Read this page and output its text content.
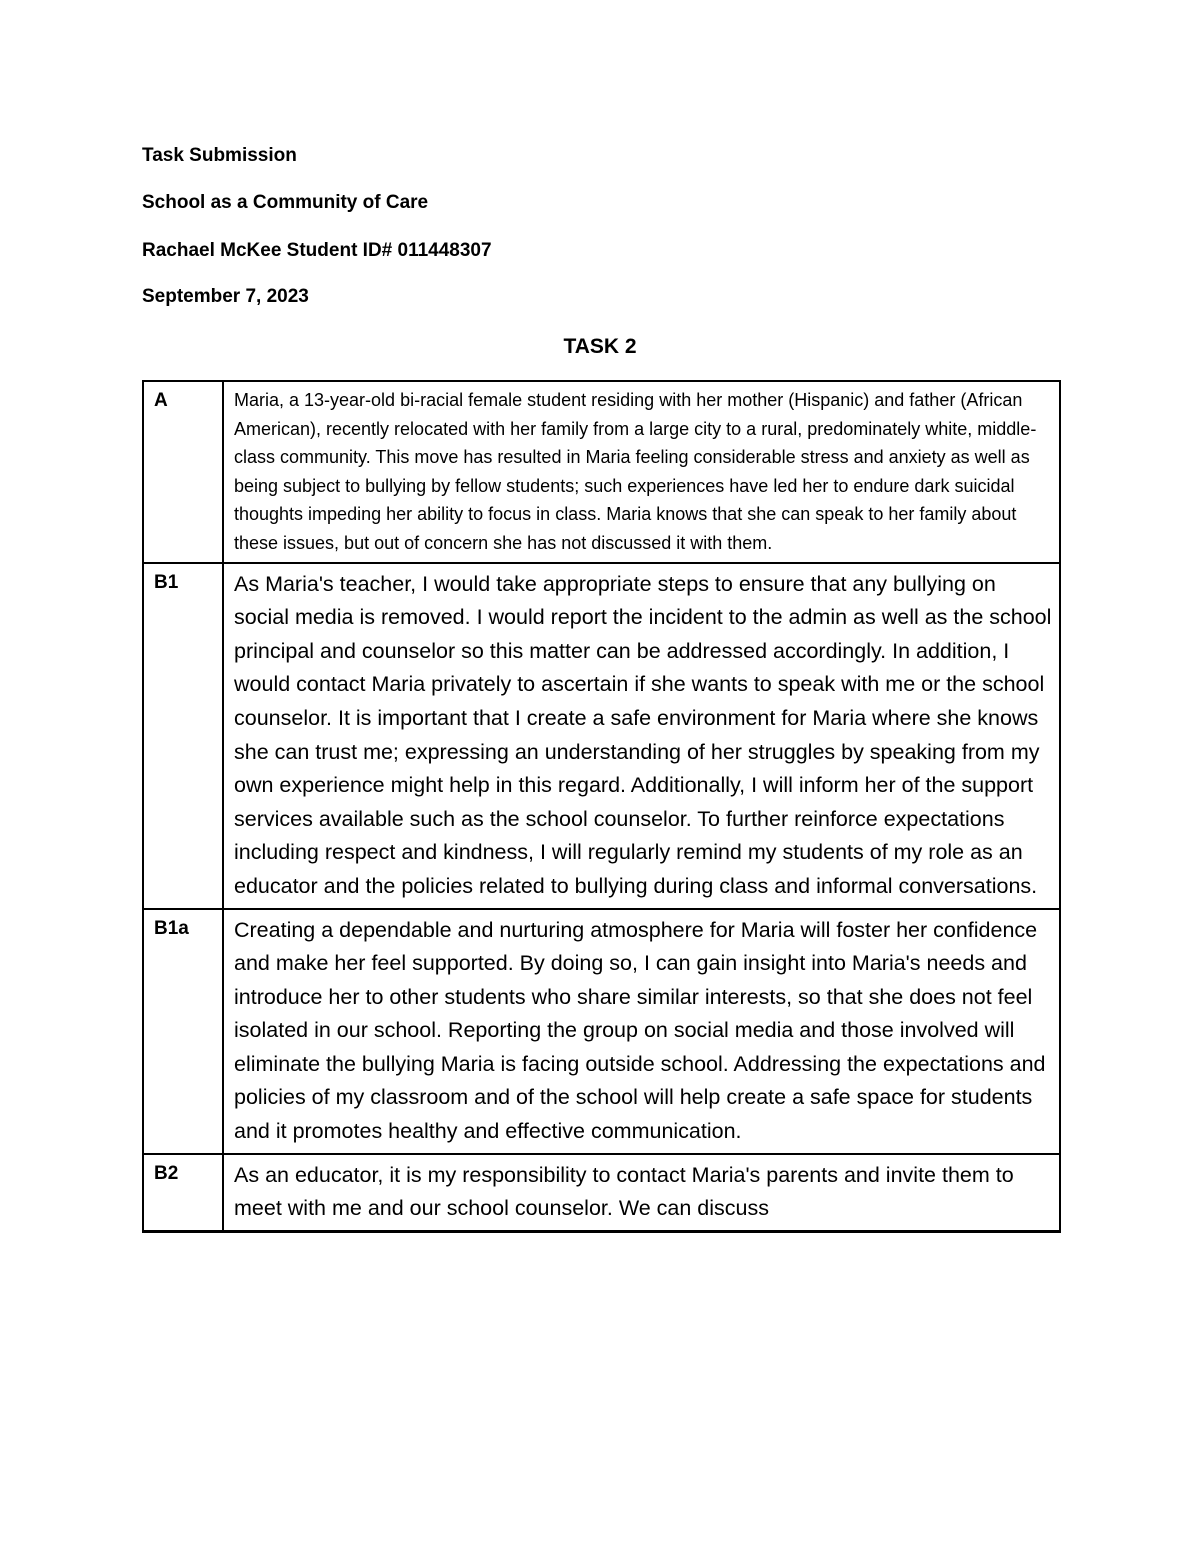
Task Submission
School as a Community of Care
Rachael McKee Student ID# 011448307
September 7, 2023
TASK 2
A	Maria, a 13-year-old bi-racial female student residing with her mother (Hispanic) and father (African American), recently relocated with her family from a large city to a rural, predominately white, middle-class community. This move has resulted in Maria feeling considerable stress and anxiety as well as being subject to bullying by fellow students; such experiences have led her to endure dark suicidal thoughts impeding her ability to focus in class. Maria knows that she can speak to her family about these issues, but out of concern she has not discussed it with them.
B1	As Maria's teacher, I would take appropriate steps to ensure that any bullying on social media is removed. I would report the incident to the admin as well as the school principal and counselor so this matter can be addressed accordingly. In addition, I would contact Maria privately to ascertain if she wants to speak with me or the school counselor. It is important that I create a safe environment for Maria where she knows she can trust me; expressing an understanding of her struggles by speaking from my own experience might help in this regard. Additionally, I will inform her of the support services available such as the school counselor. To further reinforce expectations including respect and kindness, I will regularly remind my students of my role as an educator and the policies related to bullying during class and informal conversations.
B1a	Creating a dependable and nurturing atmosphere for Maria will foster her confidence and make her feel supported. By doing so, I can gain insight into Maria's needs and introduce her to other students who share similar interests, so that she does not feel isolated in our school. Reporting the group on social media and those involved will eliminate the bullying Maria is facing outside school. Addressing the expectations and policies of my classroom and of the school will help create a safe space for students and it promotes healthy and effective communication.
B2	As an educator, it is my responsibility to contact Maria's parents and invite them to meet with me and our school counselor. We can discuss
